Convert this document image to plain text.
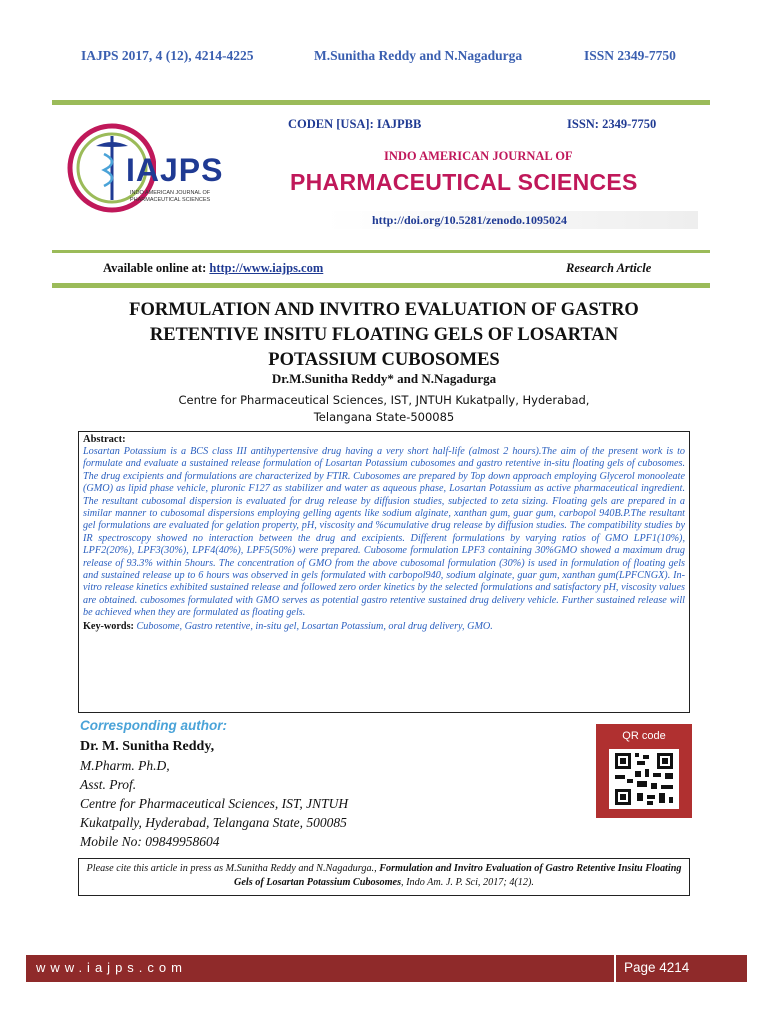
IAJPS 2017, 4 (12), 4214-4225	M.Sunitha Reddy and N.Nagadurga	ISSN 2349-7750
IAJPS
INDO AMERICAN JOURNAL OF
PHARMACEUTICAL SCIENCES
CODEN [USA]: IAJPBB	ISSN: 2349-7750
INDO AMERICAN JOURNAL OF
PHARMACEUTICAL SCIENCES
http://doi.org/10.5281/zenodo.1095024
Available online at: http://www.iajps.com	Research Article
FORMULATION AND INVITRO EVALUATION OF GASTRO
RETENTIVE INSITU FLOATING GELS OF LOSARTAN
POTASSIUM CUBOSOMES
Dr.M.Sunitha Reddy* and N.Nagadurga
Centre for Pharmaceutical Sciences, IST, JNTUH Kukatpally, Hyderabad,
Telangana State-500085
Abstract:

Losartan Potassium is a BCS class III antihypertensive drug having a very short half-life (almost 2 hours).The aim of the present work is to formulate and evaluate a sustained release formulation of Losartan Potassium cubosomes and gastro retentive in-situ floating gels of cubosomes. The drug excipients and formulations are characterized by FTIR. Cubosomes are prepared by Top down approach employing Glycerol monooleate (GMO) as lipid phase vehicle, pluronic F127 as stabilizer and water as aqueous phase, Losartan Potassium as active pharmaceutical ingredient. The resultant cubosomal dispersion is evaluated for drug release by diffusion studies, subjected to zeta sizing. Floating gels are prepared in a similar manner to cubosomal dispersions employing gelling agents like sodium alginate, xanthan gum, guar gum, carbopol 940B.P.The resultant gel formulations are evaluated for gelation property, pH, viscosity and %cumulative drug release by diffusion studies. The compatibility studies by IR spectroscopy showed no interaction between the drug and excipients. Different formulations by varying ratios of GMO LPF1(10%), LPF2(20%), LPF3(30%), LPF4(40%), LPF5(50%) were prepared. Cubosome formulation LPF3 containing 30%GMO showed a maximum drug release of 93.3% within 5hours. The concentration of GMO from the above cubosomal formulation (30%) is used in formulation of floating gels and sustained release up to 6 hours was observed in gels formulated with carbopol940, sodium alginate, guar gum, xanthan gum(LPFCNGX). In-vitro release kinetics exhibited sustained release and followed zero order kinetics by the selected formulations and satisfactory pH, viscosity values are obtained. cubosomes formulated with GMO serves as potential gastro retentive sustained drug delivery vehicle. Further sustained release will be achieved when they are formulated as floating gels.

Key-words: Cubosome, Gastro retentive, in-situ gel, Losartan Potassium, oral drug delivery, GMO.
Corresponding author:
Dr. M. Sunitha Reddy,
M.Pharm. Ph.D,
Asst. Prof.
Centre for Pharmaceutical Sciences, IST, JNTUH
Kukatpally, Hyderabad, Telangana State, 500085
Mobile No: 09849958604
QR code
Please cite this article in press as M.Sunitha Reddy and N.Nagadurga., Formulation and Invitro Evaluation of Gastro Retentive Insitu Floating Gels of Losartan Potassium Cubosomes, Indo Am. J. P. Sci, 2017; 4(12).
www.iajps.com	Page 4214
